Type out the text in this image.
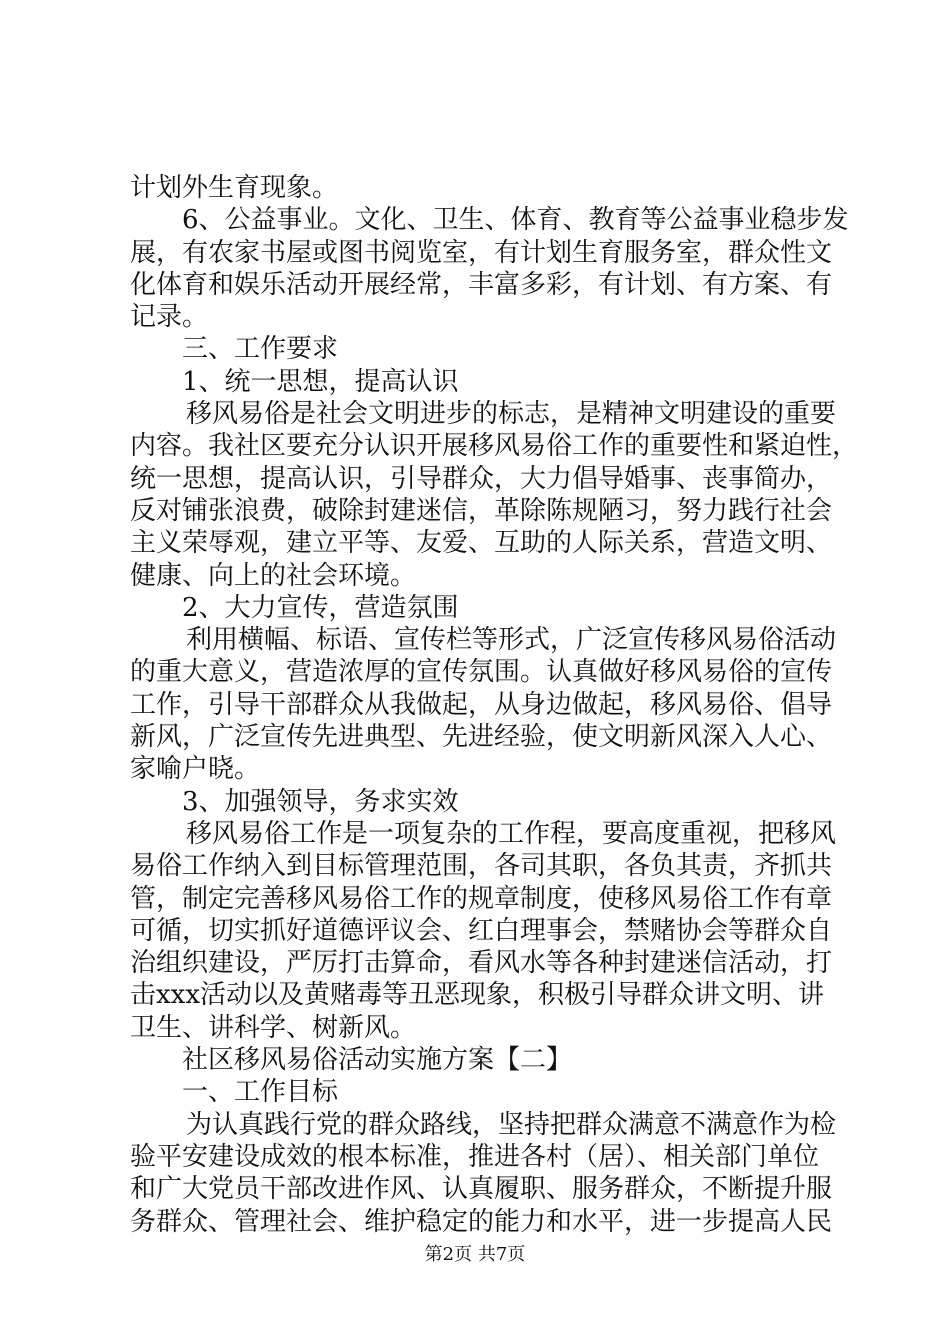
计划外生育现象。
6、公益事业。文化、卫生、体育、教育等公益事业稳步发
展，有农家书屋或图书阅览室，有计划生育服务室，群众性文
化体育和娱乐活动开展经常，丰富多彩，有计划、有方案、有
记录。
三、工作要求
1、统一思想，提高认识
移风易俗是社会文明进步的标志，是精神文明建设的重要
内容。我社区要充分认识开展移风易俗工作的重要性和紧迫性，
统一思想，提高认识，引导群众，大力倡导婚事、丧事简办，
反对铺张浪费，破除封建迷信，革除陈规陋习，努力践行社会
主义荣辱观，建立平等、友爱、互助的人际关系，营造文明、
健康、向上的社会环境。
2、大力宣传，营造氛围
利用横幅、标语、宣传栏等形式，广泛宣传移风易俗活动
的重大意义，营造浓厚的宣传氛围。认真做好移风易俗的宣传
工作，引导干部群众从我做起，从身边做起，移风易俗、倡导
新风，广泛宣传先进典型、先进经验，使文明新风深入人心、
家喻户晓。
3、加强领导，务求实效
移风易俗工作是一项复杂的工作程，要高度重视，把移风
易俗工作纳入到目标管理范围，各司其职，各负其责，齐抓共
管，制定完善移风易俗工作的规章制度，使移风易俗工作有章
可循，切实抓好道德评议会、红白理事会，禁赌协会等群众自
治组织建设，严厉打击算命，看风水等各种封建迷信活动，打
击xxx活动以及黄赌毒等丑恶现象，积极引导群众讲文明、讲
卫生、讲科学、树新风。
社区移风易俗活动实施方案【二】
一、工作目标
为认真践行党的群众路线，坚持把群众满意不满意作为检
验平安建设成效的根本标准，推进各村（居）、相关部门单位
和广大党员干部改进作风、认真履职、服务群众，不断提升服
务群众、管理社会、维护稳定的能力和水平，进一步提高人民
第2页 共7页
